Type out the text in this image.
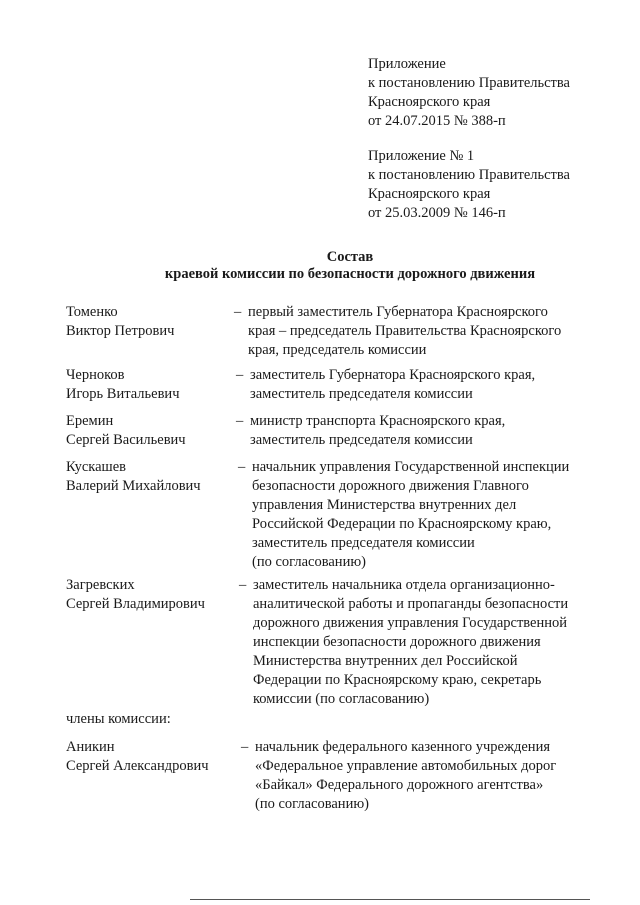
Приложение
к постановлению Правительства
Красноярского края
от 24.07.2015 № 388-п
Приложение № 1
к постановлению Правительства
Красноярского края
от 25.03.2009 № 146-п
Состав
краевой комиссии по безопасности дорожного движения
Томенко
Виктор Петрович
– первый заместитель Губернатора Красноярского
края – председатель Правительства Красноярского
края, председатель комиссии
Черноков
Игорь Витальевич
– заместитель Губернатора Красноярского края,
заместитель председателя комиссии
Еремин
Сергей Васильевич
– министр транспорта Красноярского края,
заместитель председателя комиссии
Кускашев
Валерий Михайлович
– начальник управления Государственной инспекции
безопасности дорожного движения Главного
управления Министерства внутренних дел
Российской Федерации по Красноярскому краю,
заместитель председателя комиссии
(по согласованию)
Загревских
Сергей Владимирович
– заместитель начальника отдела организационно-
аналитической работы и пропаганды безопасности
дорожного движения управления Государственной
инспекции безопасности дорожного движения
Министерства внутренних дел Российской
Федерации по Красноярскому краю, секретарь
комиссии (по согласованию)
члены комиссии:
Аникин
Сергей Александрович
– начальник федерального казенного учреждения
«Федеральное управление автомобильных дорог
«Байкал» Федерального дорожного агентства»
(по согласованию)
